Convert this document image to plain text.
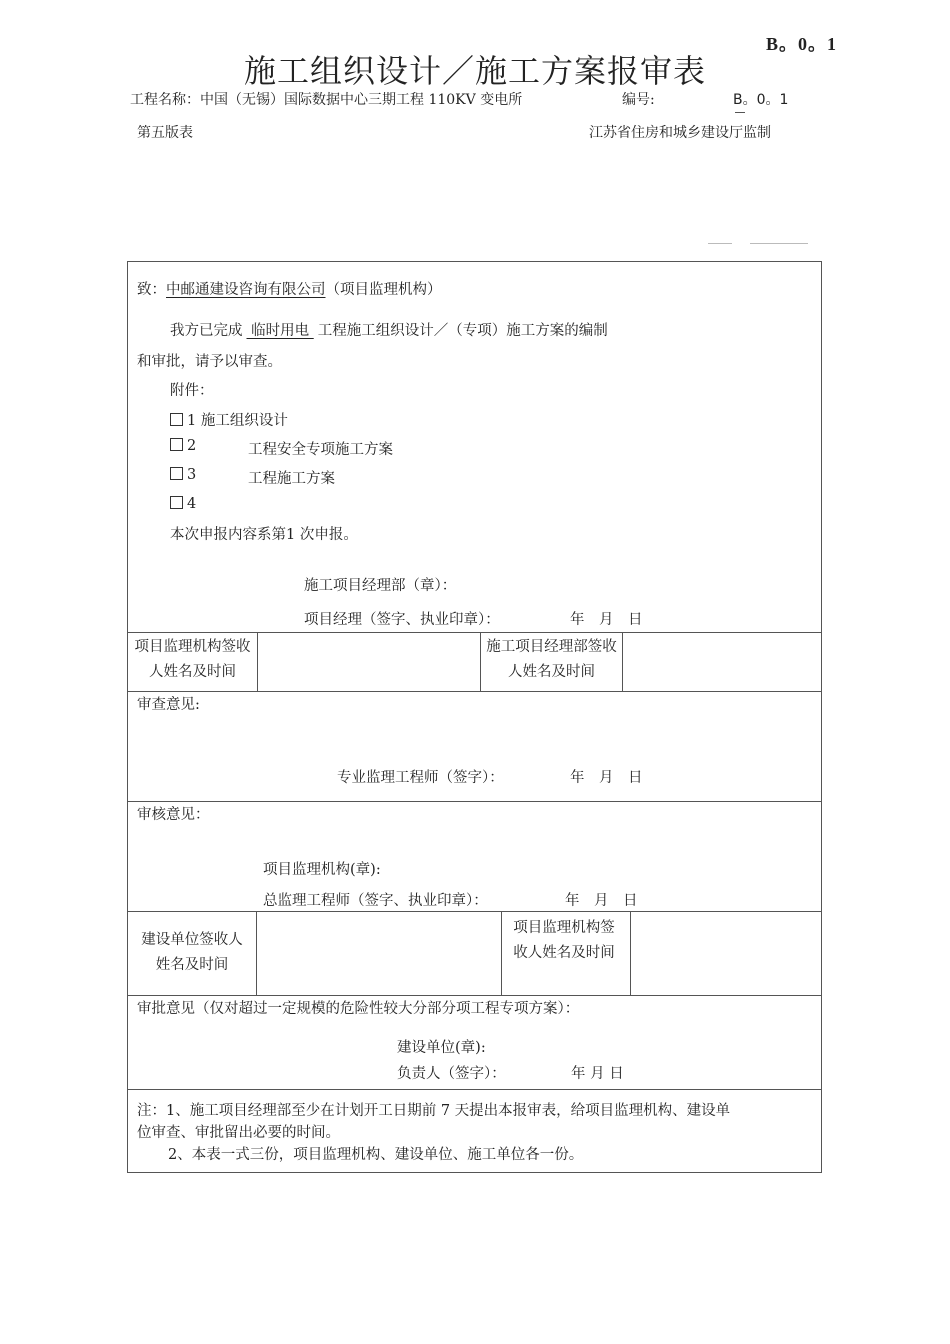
B。0。1
施工组织设计／施工方案报审表
工程名称：中国（无锡）国际数据中心三期工程 110KV 变电所	编号:	B。0。1
第五版表	江苏省住房和城乡建设厅监制
致：中邮通建设咨询有限公司（项目监理机构）
我方已完成 临时用电 工程施工组织设计／（专项）施工方案的编制
和审批，请予以审查。
附件：
1 施工组织设计
2	工程安全专项施工方案
3	工程施工方案
4
本次申报内容系第1 次申报。
施工项目经理部（章）：
项目经理（签字、执业印章）：	年　月　日
项目监理机构签收人姓名及时间
施工项目经理部签收人姓名及时间
审查意见:
专业监理工程师（签字）：	年　月　日
审核意见：
项目监理机构(章):
总监理工程师（签字、执业印章）：	年　月　日
建设单位签收人姓名及时间
项目监理机构签收人姓名及时间
审批意见（仅对超过一定规模的危险性较大分部分项工程专项方案）：
建设单位(章):
负责人（签字）：	年 月 日
注：1、施工项目经理部至少在计划开工日期前 7 天提出本报审表，给项目监理机构、建设单
位审查、审批留出必要的时间。
2、本表一式三份，项目监理机构、建设单位、施工单位各一份。
